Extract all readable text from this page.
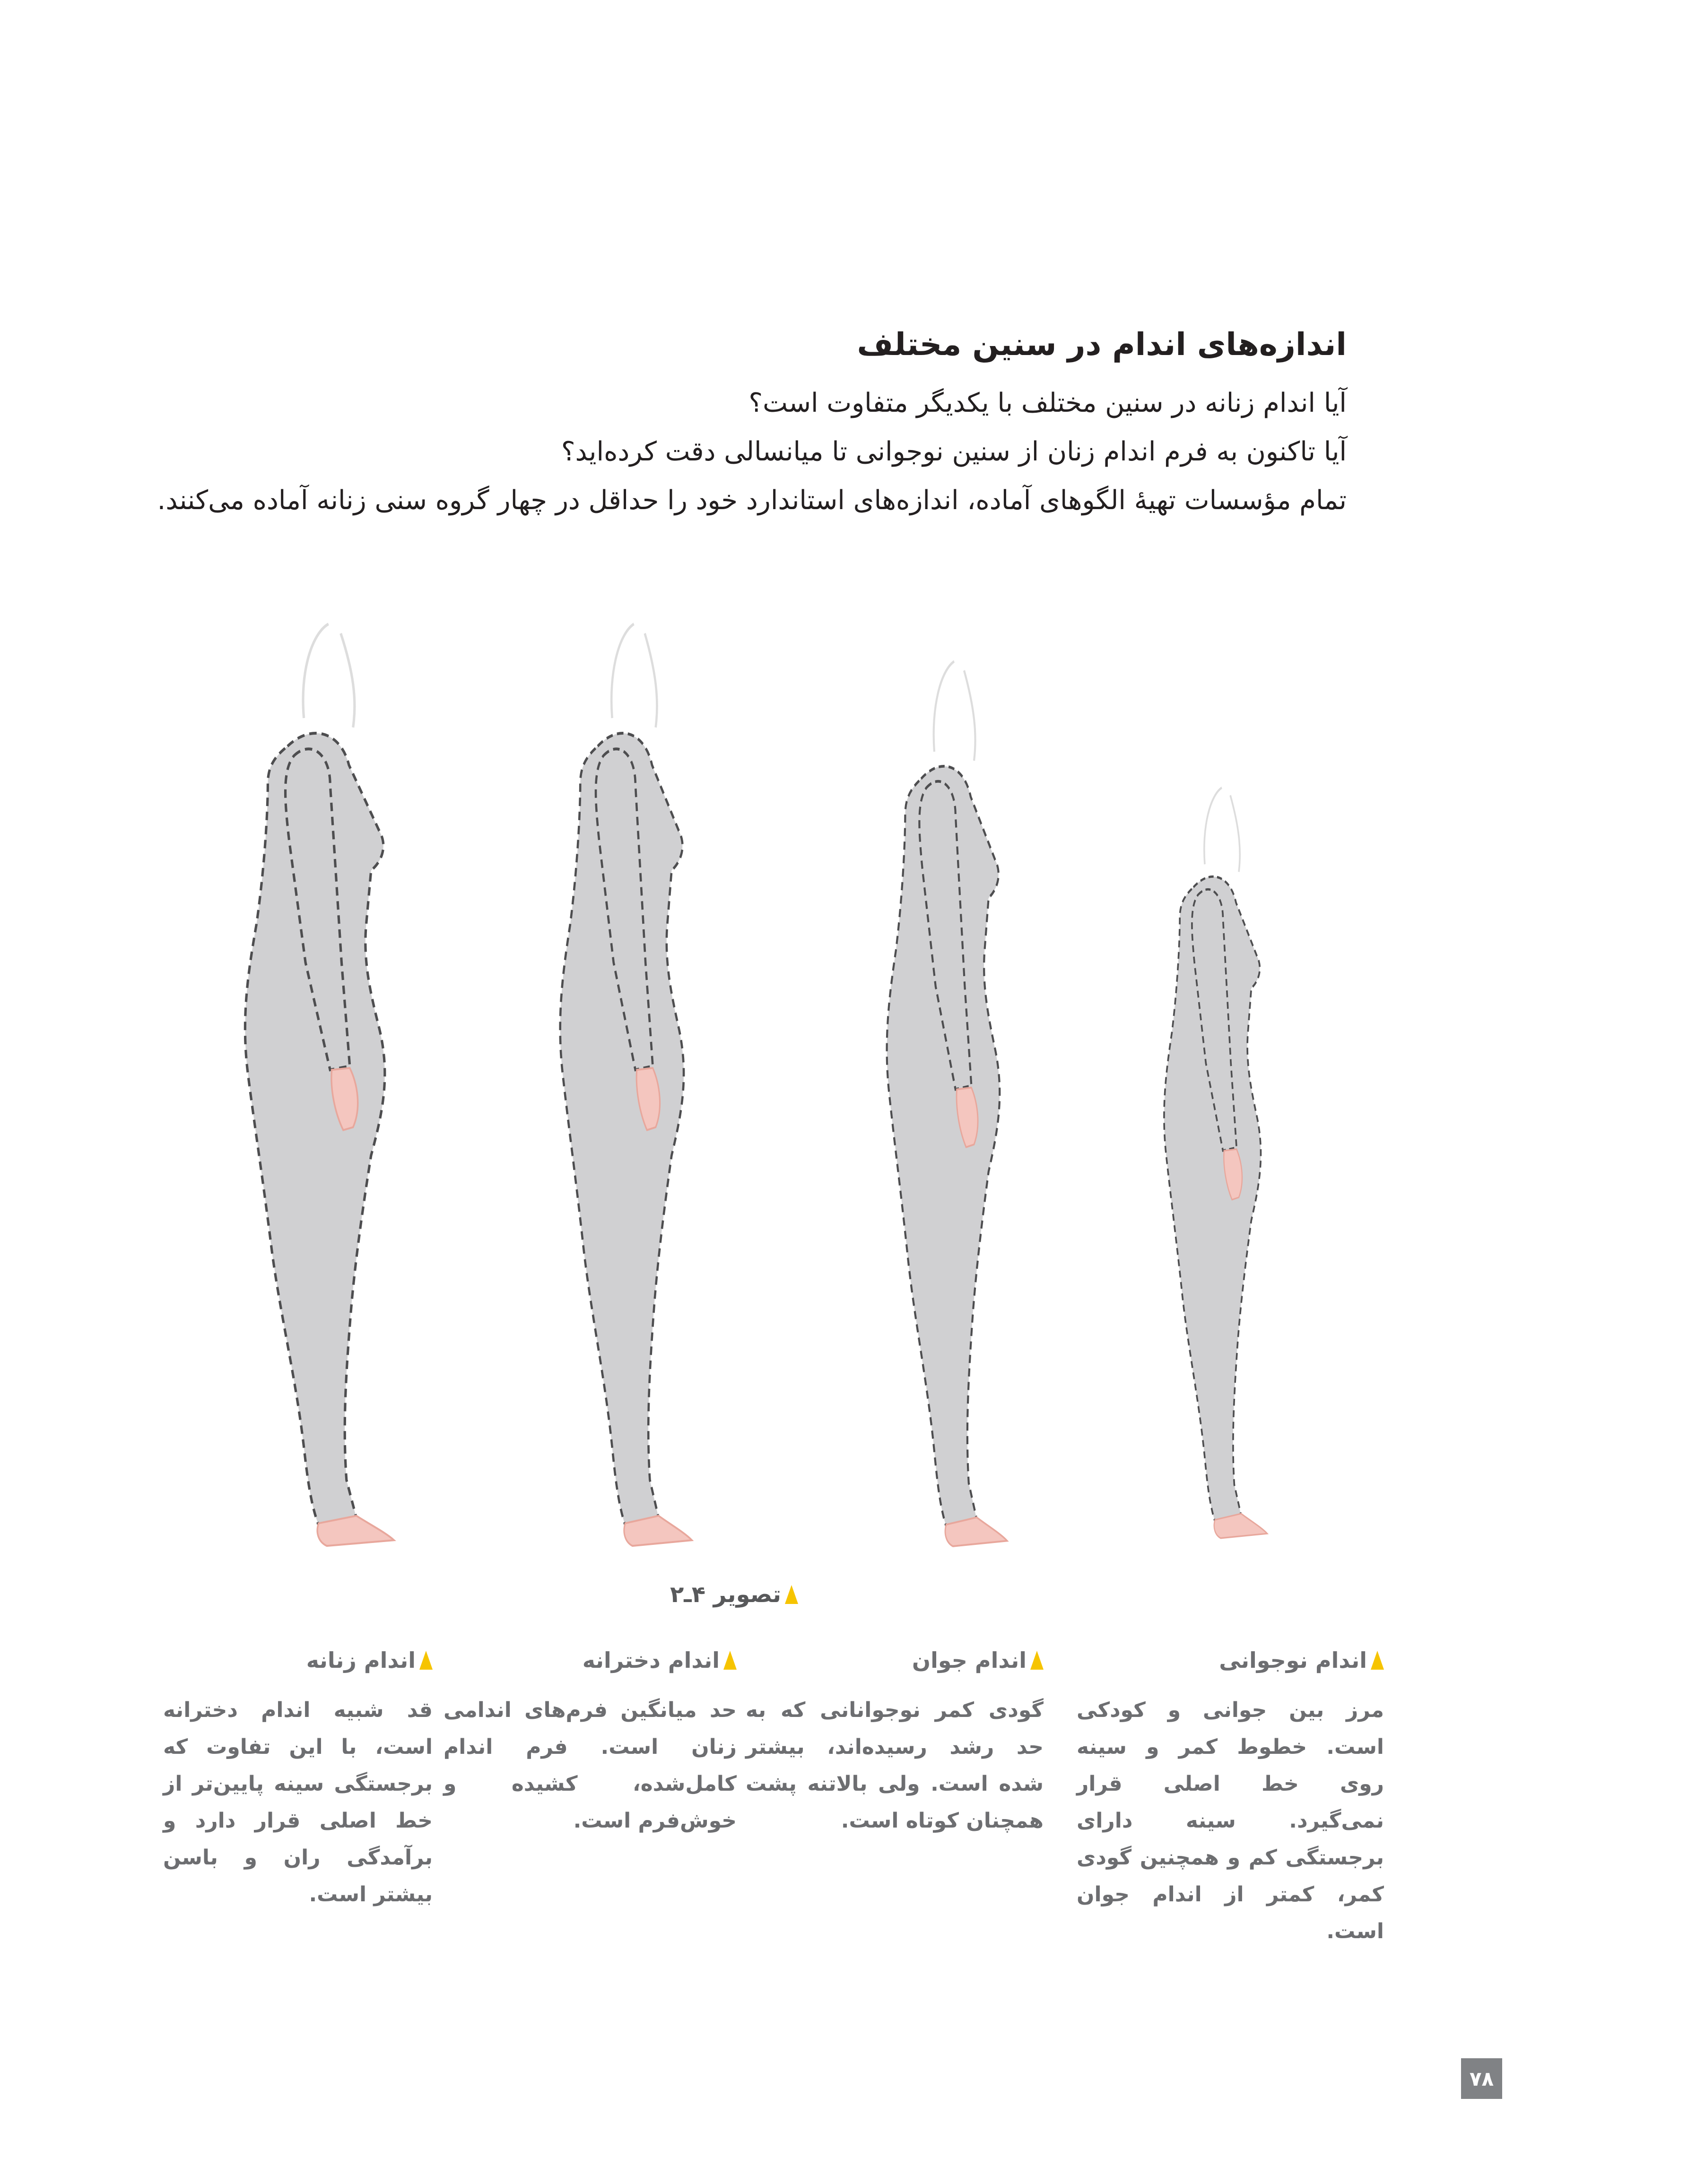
اندازه‌های اندام در سنین مختلف
آیا اندام زنانه در سنین مختلف با یکدیگر متفاوت است؟
آیا تاکنون به فرم اندام زنان از سنین نوجوانی تا میانسالی دقت کرده‌اید؟
تمام مؤسسات تهیهٔ الگوهای آماده، اندازه‌های استاندارد خود را حداقل در چهار گروه سنی زنانه آماده می‌کنند.
تصویر ۴ـ۲
اندام نوجوانی

مرز بین جوانی و کودکی است. خطوط کمر و سینه روی خط اصلی قرار نمی‌گیرد. سینه دارای برجستگی کم و همچنین گودی کمر، کمتر از اندام جوان است.

اندام جوان

گودی کمر نوجوانانی که به حد رشد رسیده‌اند، بیشتر شده است. ولی بالاتنه پشت همچنان کوتاه است.

اندام دخترانه

حد میانگین فرم‌های اندامی زنان است. فرم اندام کامل‌شده، کشیده و خوش‌فرم است.

اندام زنانه

قد شبیه اندام دخترانه است، با این تفاوت که برجستگی سینه پایین‌تر از خط اصلی قرار دارد و برآمدگی ران و باسن بیشتر است.

۷۸
